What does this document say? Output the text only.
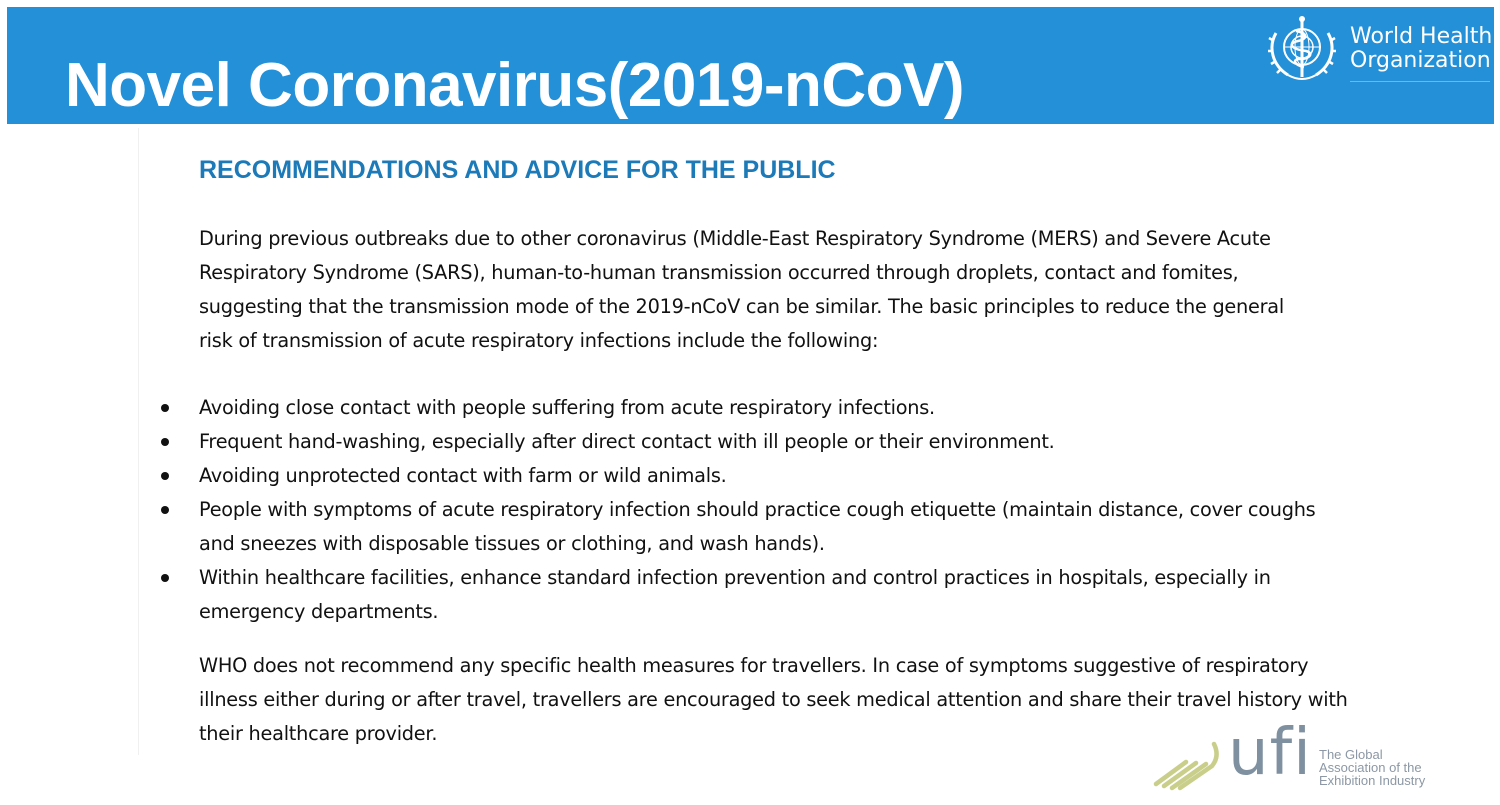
Novel Coronavirus(2019-nCoV)
World Health
Organization
RECOMMENDATIONS AND ADVICE FOR THE PUBLIC

During previous outbreaks due to other coronavirus (Middle-East Respiratory Syndrome (MERS) and Severe Acute Respiratory Syndrome (SARS), human-to-human transmission occurred through droplets, contact and fomites, suggesting that the transmission mode of the 2019-nCoV can be similar. The basic principles to reduce the general risk of transmission of acute respiratory infections include the following:

Avoiding close contact with people suffering from acute respiratory infections.
Frequent hand-washing, especially after direct contact with ill people or their environment.
Avoiding unprotected contact with farm or wild animals.
People with symptoms of acute respiratory infection should practice cough etiquette (maintain distance, cover coughs and sneezes with disposable tissues or clothing, and wash hands).
Within healthcare facilities, enhance standard infection prevention and control practices in hospitals, especially in emergency departments.

WHO does not recommend any specific health measures for travellers. In case of symptoms suggestive of respiratory illness either during or after travel, travellers are encouraged to seek medical attention and share their travel history with their healthcare provider.	ufi The Global
Association of the
Exhibition Industry
